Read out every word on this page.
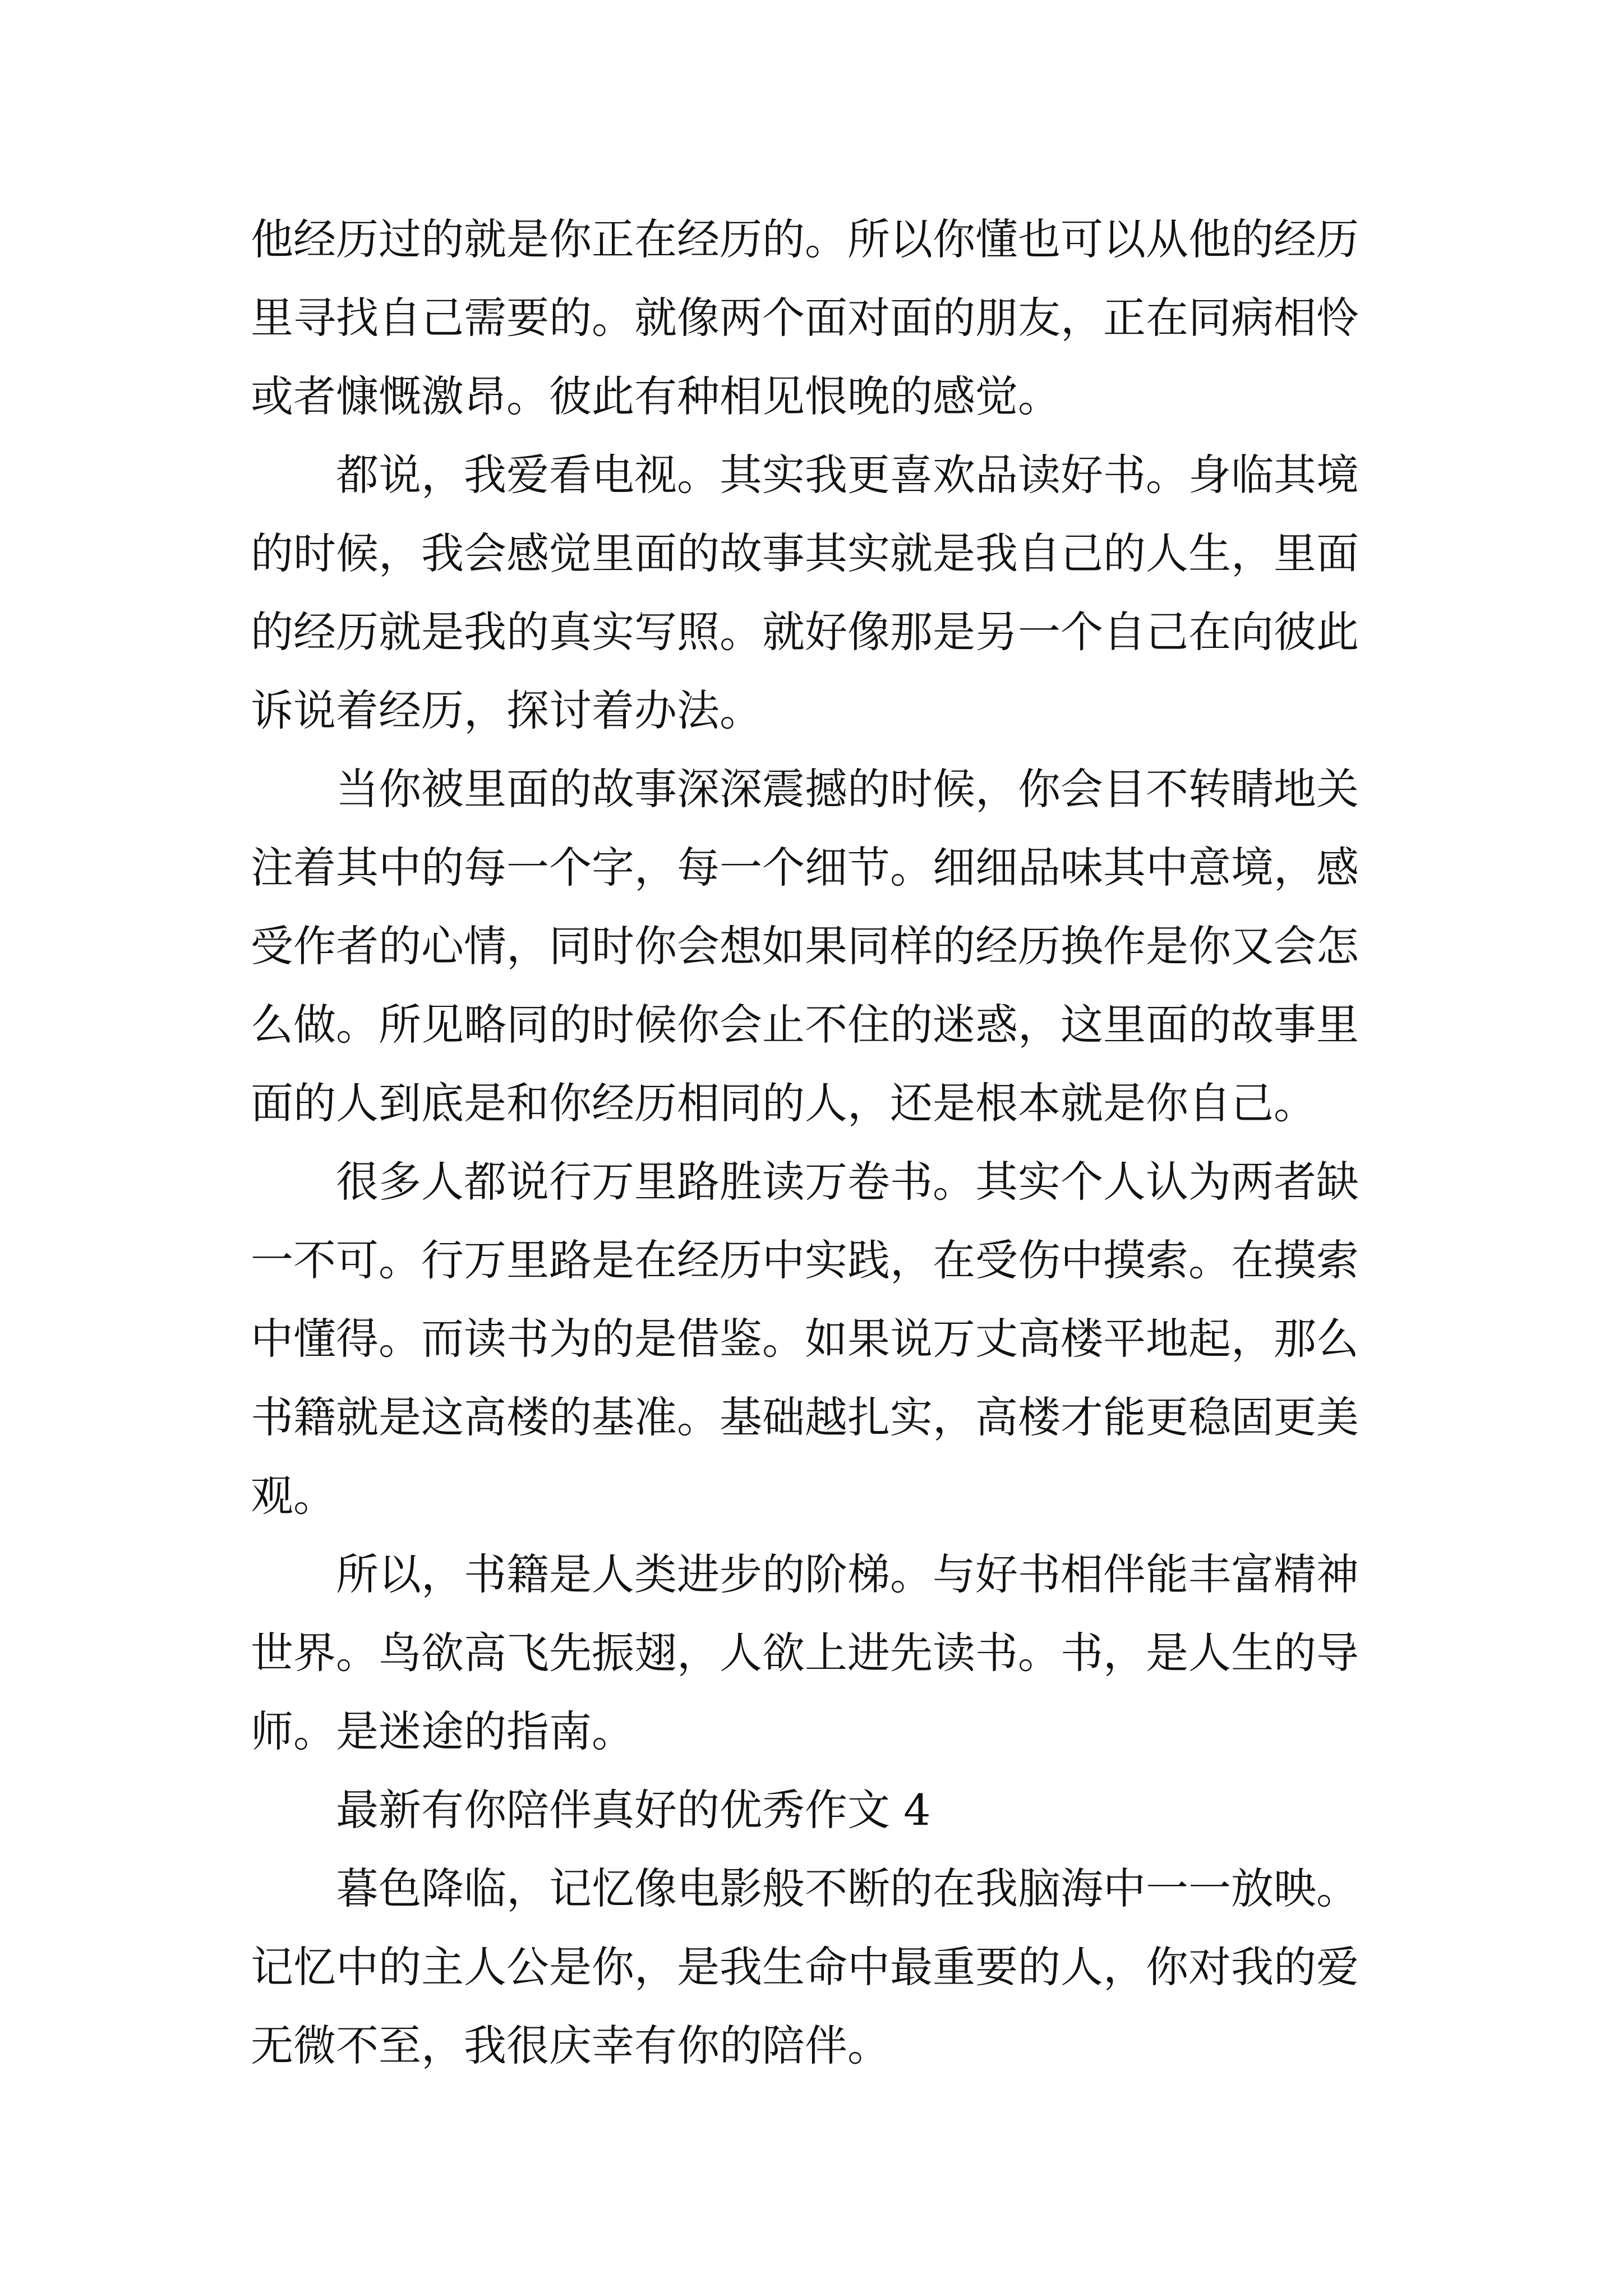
他经历过的就是你正在经历的。所以你懂也可以从他的经历
里寻找自己需要的。就像两个面对面的朋友，正在同病相怜
或者慷慨激昂。彼此有种相见恨晚的感觉。
都说，我爱看电视。其实我更喜欢品读好书。身临其境
的时候，我会感觉里面的故事其实就是我自己的人生，里面
的经历就是我的真实写照。就好像那是另一个自己在向彼此
诉说着经历，探讨着办法。
当你被里面的故事深深震撼的时候，你会目不转睛地关
注着其中的每一个字，每一个细节。细细品味其中意境，感
受作者的心情，同时你会想如果同样的经历换作是你又会怎
么做。所见略同的时候你会止不住的迷惑，这里面的故事里
面的人到底是和你经历相同的人，还是根本就是你自己。
很多人都说行万里路胜读万卷书。其实个人认为两者缺
一不可。行万里路是在经历中实践，在受伤中摸索。在摸索
中懂得。而读书为的是借鉴。如果说万丈高楼平地起，那么
书籍就是这高楼的基准。基础越扎实，高楼才能更稳固更美
观。
所以，书籍是人类进步的阶梯。与好书相伴能丰富精神
世界。鸟欲高飞先振翅，人欲上进先读书。书，是人生的导
师。是迷途的指南。
最新有你陪伴真好的优秀作文 4
暮色降临，记忆像电影般不断的在我脑海中一一放映。
记忆中的主人公是你，是我生命中最重要的人，你对我的爱
无微不至，我很庆幸有你的陪伴。
